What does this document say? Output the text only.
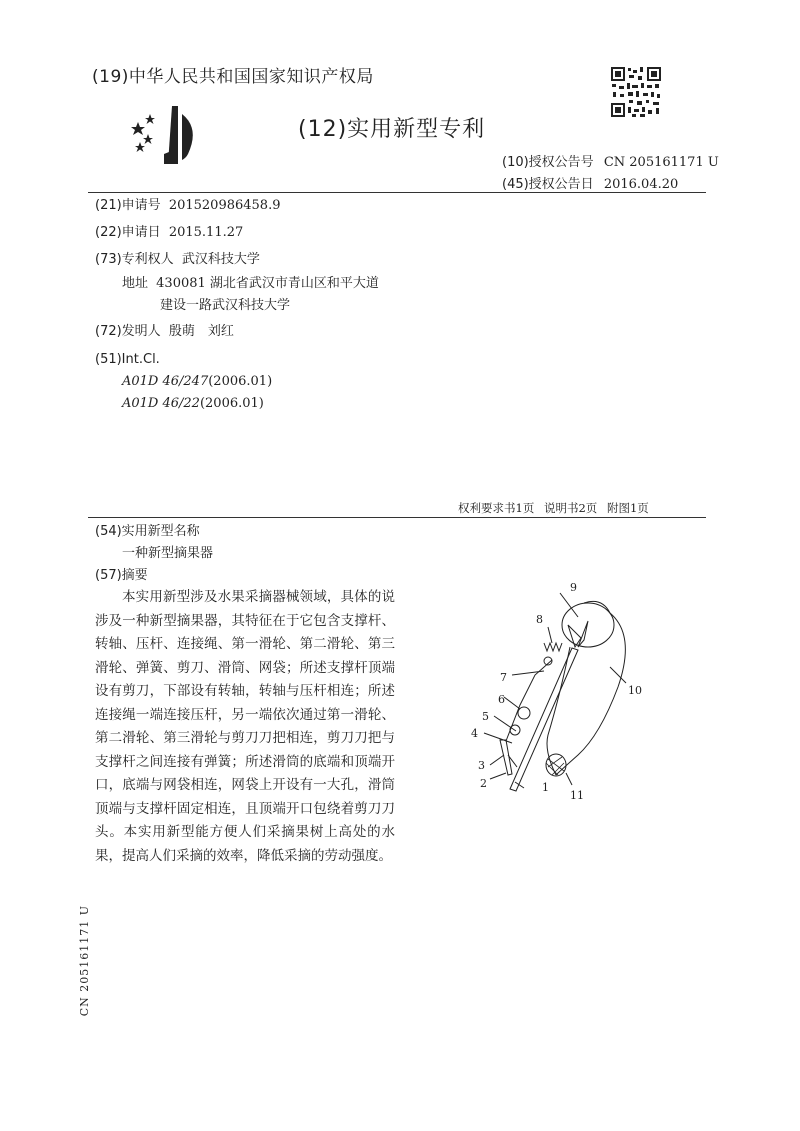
(19)中华人民共和国国家知识产权局
(12)实用新型专利
(10)授权公告号 CN 205161171 U
(45)授权公告日 2016.04.20
(21)申请号 201520986458.9
(22)申请日 2015.11.27
(73)专利权人 武汉科技大学
地址 430081 湖北省武汉市青山区和平大道
建设一路武汉科技大学
(72)发明人 殷萌　刘红
(51)Int.Cl.
A01D 46/247(2006.01)
A01D 46/22(2006.01)
权利要求书1页 说明书2页 附图1页
(54)实用新型名称
一种新型摘果器
(57)摘要

本实用新型涉及水果采摘器械领域，具体的说涉及一种新型摘果器，其特征在于它包含支撑杆、转轴、压杆、连接绳、第一滑轮、第二滑轮、第三滑轮、弹簧、剪刀、滑筒、网袋；所述支撑杆顶端设有剪刀，下部设有转轴，转轴与压杆相连；所述连接绳一端连接压杆，另一端依次通过第一滑轮、第二滑轮、第三滑轮与剪刀刀把相连，剪刀刀把与支撑杆之间连接有弹簧；所述滑筒的底端和顶端开口，底端与网袋相连，网袋上开设有一大孔，滑筒顶端与支撑杆固定相连，且顶端开口包绕着剪刀刀头。本实用新型能方便人们采摘果树上高处的水果，提高人们采摘的效率，降低采摘的劳动强度。

9
8
7
6
5
4
3
2	1
10
11
CN 205161171 U
